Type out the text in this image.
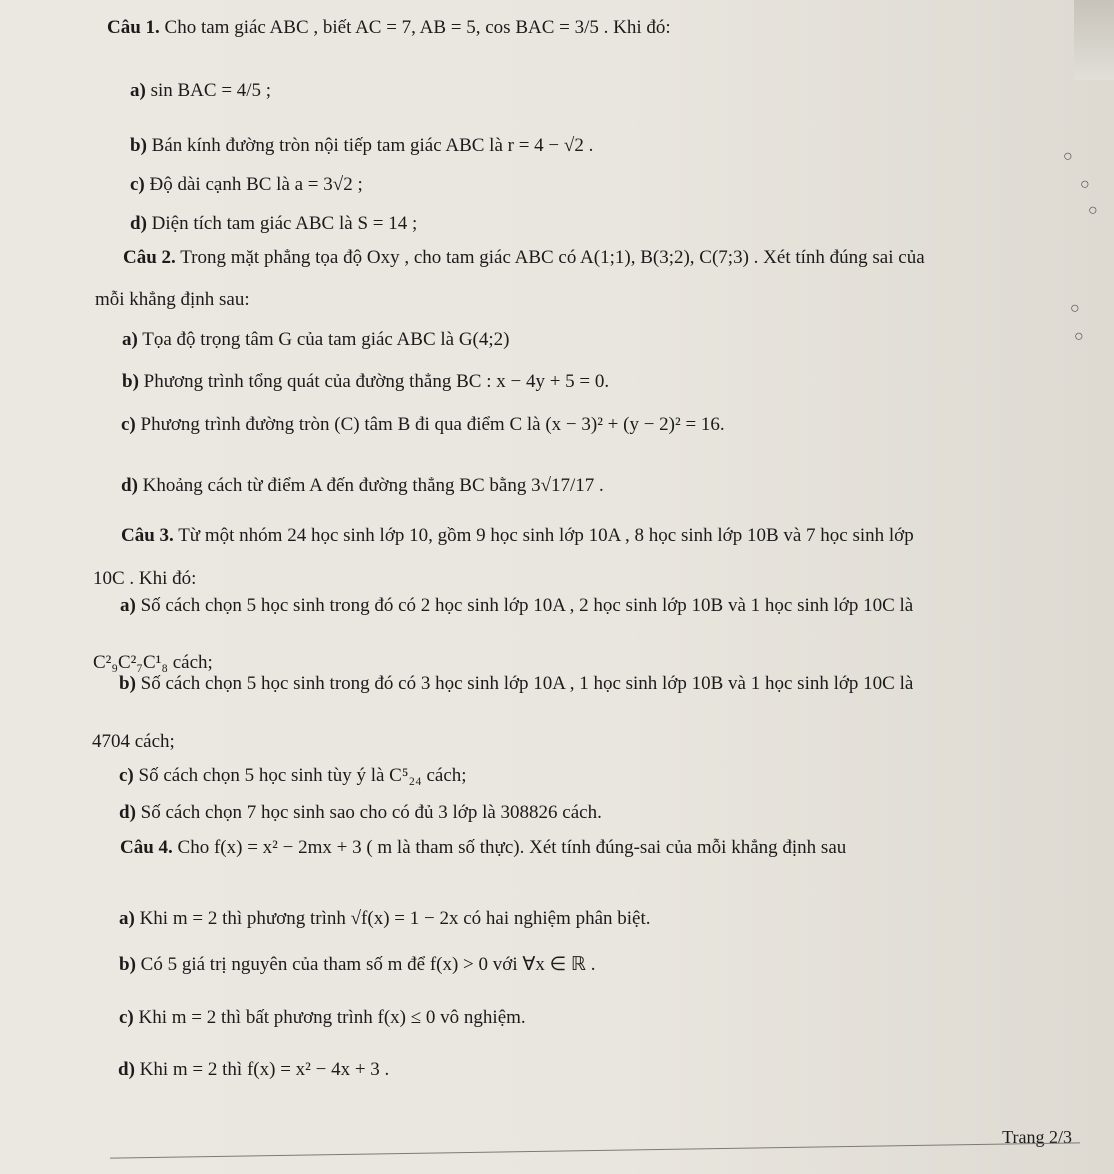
Câu 1. Cho tam giác ABC , biết AC = 7, AB = 5, cos BAC = 3/5 . Khi đó:
a) sin BAC = 4/5 ;
b) Bán kính đường tròn nội tiếp tam giác ABC là r = 4 − √2 .
c) Độ dài cạnh BC là a = 3√2 ;
d) Diện tích tam giác ABC là S = 14 ;
Câu 2. Trong mặt phẳng tọa độ Oxy , cho tam giác ABC có A(1;1), B(3;2), C(7;3) . Xét tính đúng sai của
mỗi khẳng định sau:
a) Tọa độ trọng tâm G của tam giác ABC là G(4;2)
b) Phương trình tổng quát của đường thẳng BC : x − 4y + 5 = 0.
c) Phương trình đường tròn (C) tâm B đi qua điểm C là (x − 3)² + (y − 2)² = 16.
d) Khoảng cách từ điểm A đến đường thẳng BC bằng 3√17/17 .
Câu 3. Từ một nhóm 24 học sinh lớp 10, gồm 9 học sinh lớp 10A , 8 học sinh lớp 10B và 7 học sinh lớp
10C . Khi đó:
a) Số cách chọn 5 học sinh trong đó có 2 học sinh lớp 10A , 2 học sinh lớp 10B và 1 học sinh lớp 10C là
C²₉C²₇C¹₈ cách;
b) Số cách chọn 5 học sinh trong đó có 3 học sinh lớp 10A , 1 học sinh lớp 10B và 1 học sinh lớp 10C là
4704 cách;
c) Số cách chọn 5 học sinh tùy ý là C⁵₂₄ cách;
d) Số cách chọn 7 học sinh sao cho có đủ 3 lớp là 308826 cách.
Câu 4. Cho f(x) = x² − 2mx + 3 ( m là tham số thực). Xét tính đúng-sai của mỗi khẳng định sau
a) Khi m = 2 thì phương trình √f(x) = 1 − 2x có hai nghiệm phân biệt.
b) Có 5 giá trị nguyên của tham số m để f(x) > 0 với ∀x ∈ ℝ .
c) Khi m = 2 thì bất phương trình f(x) ≤ 0 vô nghiệm.
d) Khi m = 2 thì f(x) = x² − 4x + 3 .
Trang 2/3
○
○
○
○
○
